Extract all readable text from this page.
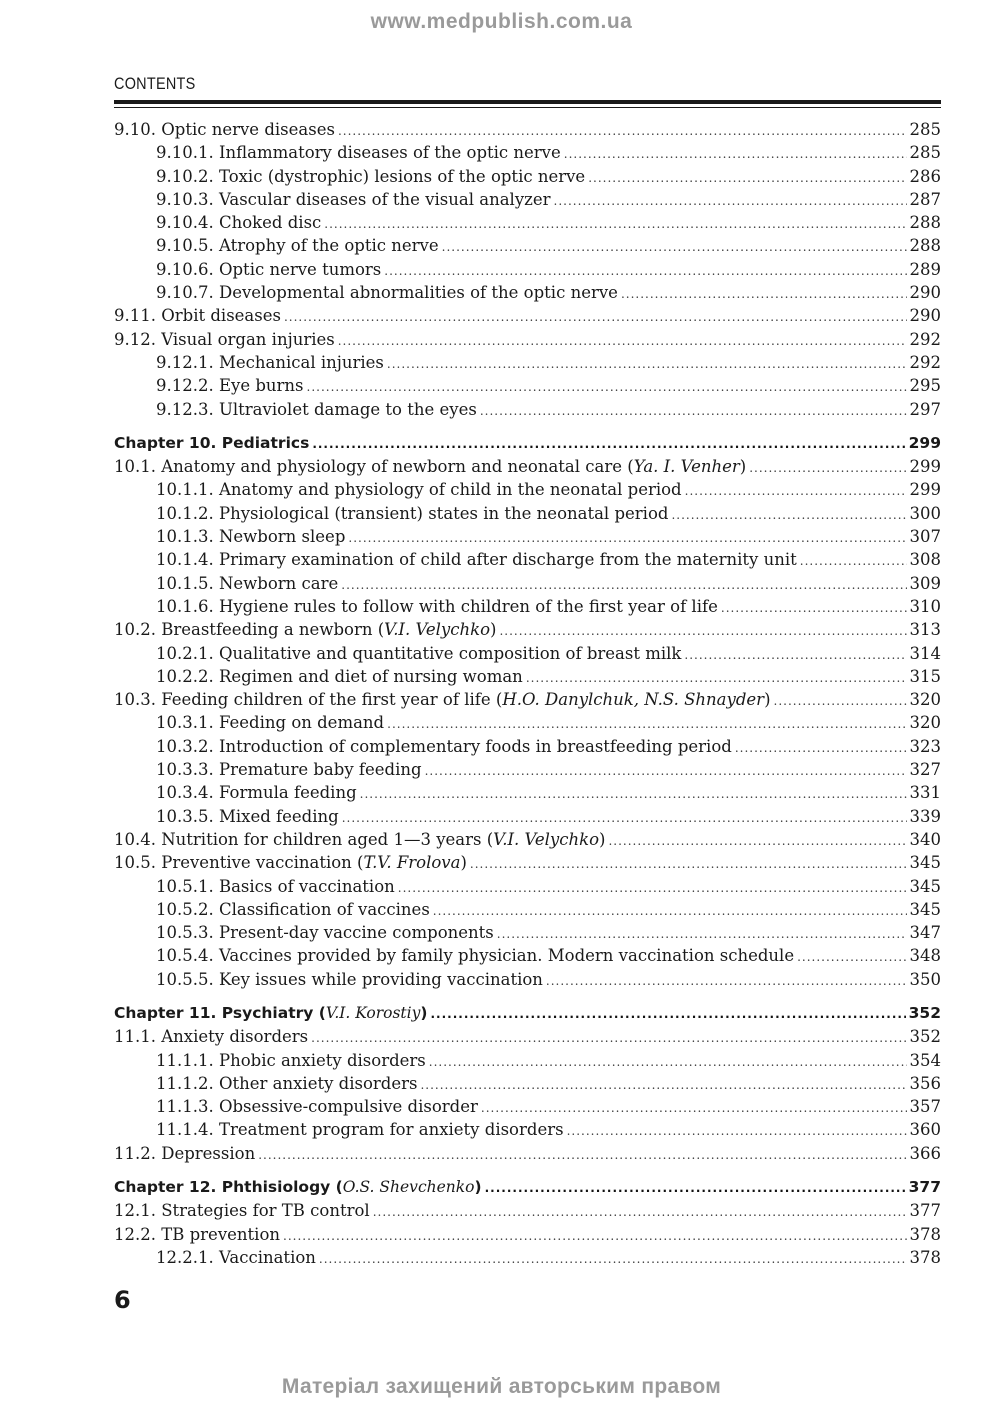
www.medpublish.com.ua
CONTENTS
9.10. Optic nerve diseases .....	285
9.10.1. Inflammatory diseases of the optic nerve .....	285
9.10.2. Toxic (dystrophic) lesions of the optic nerve .....	286
9.10.3. Vascular diseases of the visual analyzer .....	287
9.10.4. Choked disc .....	288
9.10.5. Atrophy of the optic nerve .....	288
9.10.6. Optic nerve tumors .....	289
9.10.7. Developmental abnormalities of the optic nerve .....	290
9.11. Orbit diseases .....	290
9.12. Visual organ injuries .....	292
9.12.1. Mechanical injuries .....	292
9.12.2. Eye burns .....	295
9.12.3. Ultraviolet damage to the eyes .....	297
Chapter 10. Pediatrics .....	299
10.1. Anatomy and physiology of newborn and neonatal care (Ya. I. Venher) .....	299
10.1.1. Anatomy and physiology of child in the neonatal period .....	299
10.1.2. Physiological (transient) states in the neonatal period .....	300
10.1.3. Newborn sleep .....	307
10.1.4. Primary examination of child after discharge from the maternity unit .....	308
10.1.5. Newborn care .....	309
10.1.6. Hygiene rules to follow with children of the first year of life .....	310
10.2. Breastfeeding a newborn (V.I. Velychko) .....	313
10.2.1. Qualitative and quantitative composition of breast milk .....	314
10.2.2. Regimen and diet of nursing woman .....	315
10.3. Feeding children of the first year of life (H.O. Danylchuk, N.S. Shnayder) .....	320
10.3.1. Feeding on demand .....	320
10.3.2. Introduction of complementary foods in breastfeeding period .....	323
10.3.3. Premature baby feeding .....	327
10.3.4. Formula feeding .....	331
10.3.5. Mixed feeding .....	339
10.4. Nutrition for children aged 1—3 years (V.I. Velychko) .....	340
10.5. Preventive vaccination (T.V. Frolova) .....	345
10.5.1. Basics of vaccination .....	345
10.5.2. Classification of vaccines .....	345
10.5.3. Present-day vaccine components .....	347
10.5.4. Vaccines provided by family physician. Modern vaccination schedule .....	348
10.5.5. Key issues while providing vaccination .....	350
Chapter 11. Psychiatry (V.I. Korostiy) .....	352
11.1. Anxiety disorders .....	352
11.1.1. Phobic anxiety disorders .....	354
11.1.2. Other anxiety disorders .....	356
11.1.3. Obsessive-compulsive disorder .....	357
11.1.4. Treatment program for anxiety disorders .....	360
11.2. Depression .....	366
Chapter 12. Phthisiology (O.S. Shevchenko) .....	377
12.1. Strategies for TB control .....	377
12.2. TB prevention .....	378
12.2.1. Vaccination .....	378
6
Матеріал захищений авторським правом
